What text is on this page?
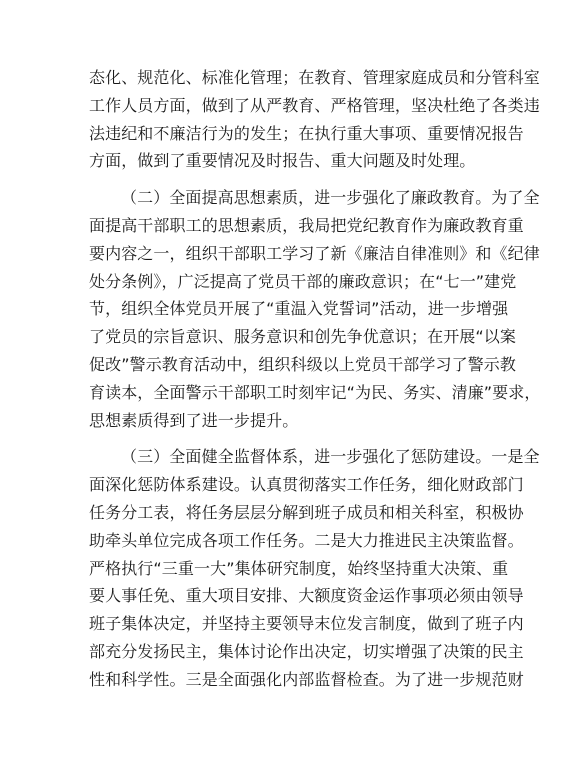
态化、规范化、标准化管理；在教育、管理家庭成员和分管科室
工作人员方面，做到了从严教育、严格管理，坚决杜绝了各类违
法违纪和不廉洁行为的发生；在执行重大事项、重要情况报告
方面，做到了重要情况及时报告、重大问题及时处理。
（二）全面提高思想素质，进一步强化了廉政教育。为了全
面提高干部职工的思想素质，我局把党纪教育作为廉政教育重
要内容之一，组织干部职工学习了新《廉洁自律准则》和《纪律
处分条例》，广泛提高了党员干部的廉政意识；在“七一”建党
节，组织全体党员开展了“重温入党誓词”活动，进一步增强
了党员的宗旨意识、服务意识和创先争优意识；在开展“以案
促改”警示教育活动中，组织科级以上党员干部学习了警示教
育读本，全面警示干部职工时刻牢记“为民、务实、清廉”要求，
思想素质得到了进一步提升。
（三）全面健全监督体系，进一步强化了惩防建设。一是全
面深化惩防体系建设。认真贯彻落实工作任务，细化财政部门
任务分工表，将任务层层分解到班子成员和相关科室，积极协
助牵头单位完成各项工作任务。二是大力推进民主决策监督。
严格执行“三重一大”集体研究制度，始终坚持重大决策、重
要人事任免、重大项目安排、大额度资金运作事项必须由领导
班子集体决定，并坚持主要领导末位发言制度，做到了班子内
部充分发扬民主，集体讨论作出决定，切实增强了决策的民主
性和科学性。三是全面强化内部监督检查。为了进一步规范财
